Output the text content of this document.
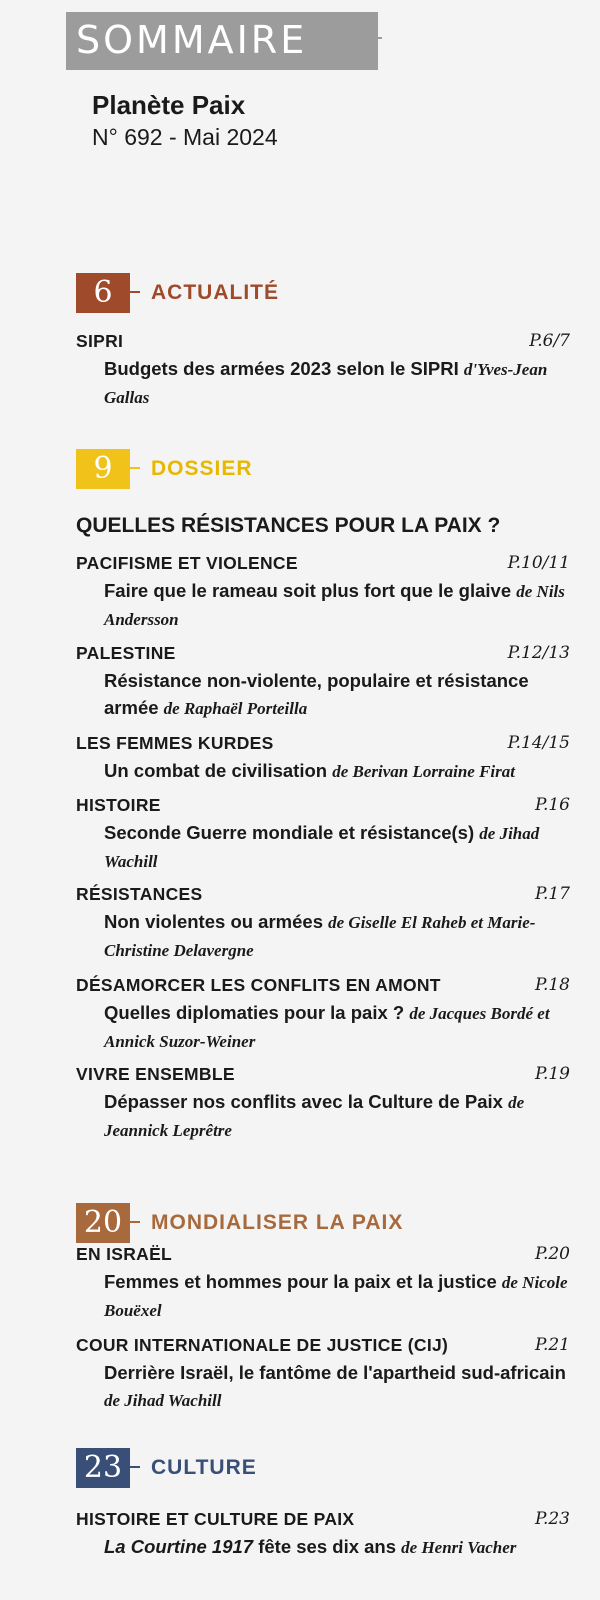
SOMMAIRE
Planète Paix
N° 692 - Mai 2024
6	ACTUALITÉ
SIPRI	P.6/7
Budgets des armées 2023 selon le SIPRI d'Yves-Jean Gallas
9	DOSSIER
QUELLES RÉSISTANCES POUR LA PAIX ?
PACIFISME ET VIOLENCE	P.10/11
Faire que le rameau soit plus fort que le glaive de Nils Andersson
PALESTINE	P.12/13
Résistance non-violente, populaire et résistance armée de Raphaël Porteilla
LES FEMMES KURDES	P.14/15
Un combat de civilisation de Berivan Lorraine Firat
HISTOIRE	P.16
Seconde Guerre mondiale et résistance(s) de Jihad Wachill
RÉSISTANCES	P.17
Non violentes ou armées de Giselle El Raheb et Marie-Christine Delavergne
DÉSAMORCER LES CONFLITS EN AMONT	P.18
Quelles diplomaties pour la paix ? de Jacques Bordé et Annick Suzor-Weiner
VIVRE ENSEMBLE	P.19
Dépasser nos conflits avec la Culture de Paix de Jeannick Leprêtre
20	MONDIALISER LA PAIX
EN ISRAËL	P.20
Femmes et hommes pour la paix et la justice de Nicole Bouëxel
COUR INTERNATIONALE DE JUSTICE (CIJ)	P.21
Derrière Israël, le fantôme de l'apartheid sud-africain de Jihad Wachill
23	CULTURE
HISTOIRE ET CULTURE DE PAIX	P.23
La Courtine 1917 fête ses dix ans de Henri Vacher
